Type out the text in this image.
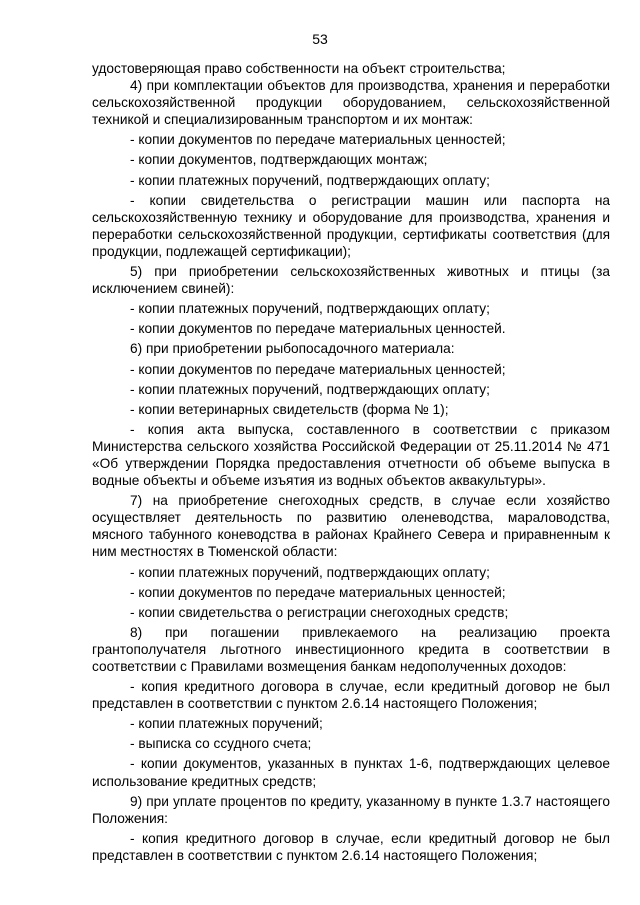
53

удостоверяющая право собственности на объект строительства;

4) при комплектации объектов для производства, хранения и переработки сельскохозяйственной продукции оборудованием, сельскохозяйственной техникой и специализированным транспортом и их монтаж:

- копии документов по передаче материальных ценностей;

- копии документов, подтверждающих монтаж;

- копии платежных поручений, подтверждающих оплату;

- копии свидетельства о регистрации машин или паспорта на сельскохозяйственную технику и оборудование для производства, хранения и переработки сельскохозяйственной продукции, сертификаты соответствия (для продукции, подлежащей сертификации);

5) при приобретении сельскохозяйственных животных и птицы (за исключением свиней):

- копии платежных поручений, подтверждающих оплату;

- копии документов по передаче материальных ценностей.

6) при приобретении рыбопосадочного материала:

- копии документов по передаче материальных ценностей;

- копии платежных поручений, подтверждающих оплату;

- копии ветеринарных свидетельств (форма № 1);

- копия акта выпуска, составленного в соответствии с приказом Министерства сельского хозяйства Российской Федерации от 25.11.2014 № 471 «Об утверждении Порядка предоставления отчетности об объеме выпуска в водные объекты и объеме изъятия из водных объектов аквакультуры».

7) на приобретение снегоходных средств, в случае если хозяйство осуществляет деятельность по развитию оленеводства, мараловодства, мясного табунного коневодства в районах Крайнего Севера и приравненным к ним местностях в Тюменской области:

- копии платежных поручений, подтверждающих оплату;

- копии документов по передаче материальных ценностей;

- копии свидетельства о регистрации снегоходных средств;

8) при погашении привлекаемого на реализацию проекта грантополучателя льготного инвестиционного кредита в соответствии в соответствии с Правилами возмещения банкам недополученных доходов:

- копия кредитного договора в случае, если кредитный договор не был представлен в соответствии с пунктом 2.6.14 настоящего Положения;

- копии платежных поручений;

- выписка со ссудного счета;

- копии документов, указанных в пунктах 1-6, подтверждающих целевое использование кредитных средств;

9) при уплате процентов по кредиту, указанному в пункте 1.3.7 настоящего Положения:

- копия кредитного договор в случае, если кредитный договор не был представлен в соответствии с пунктом 2.6.14 настоящего Положения;
